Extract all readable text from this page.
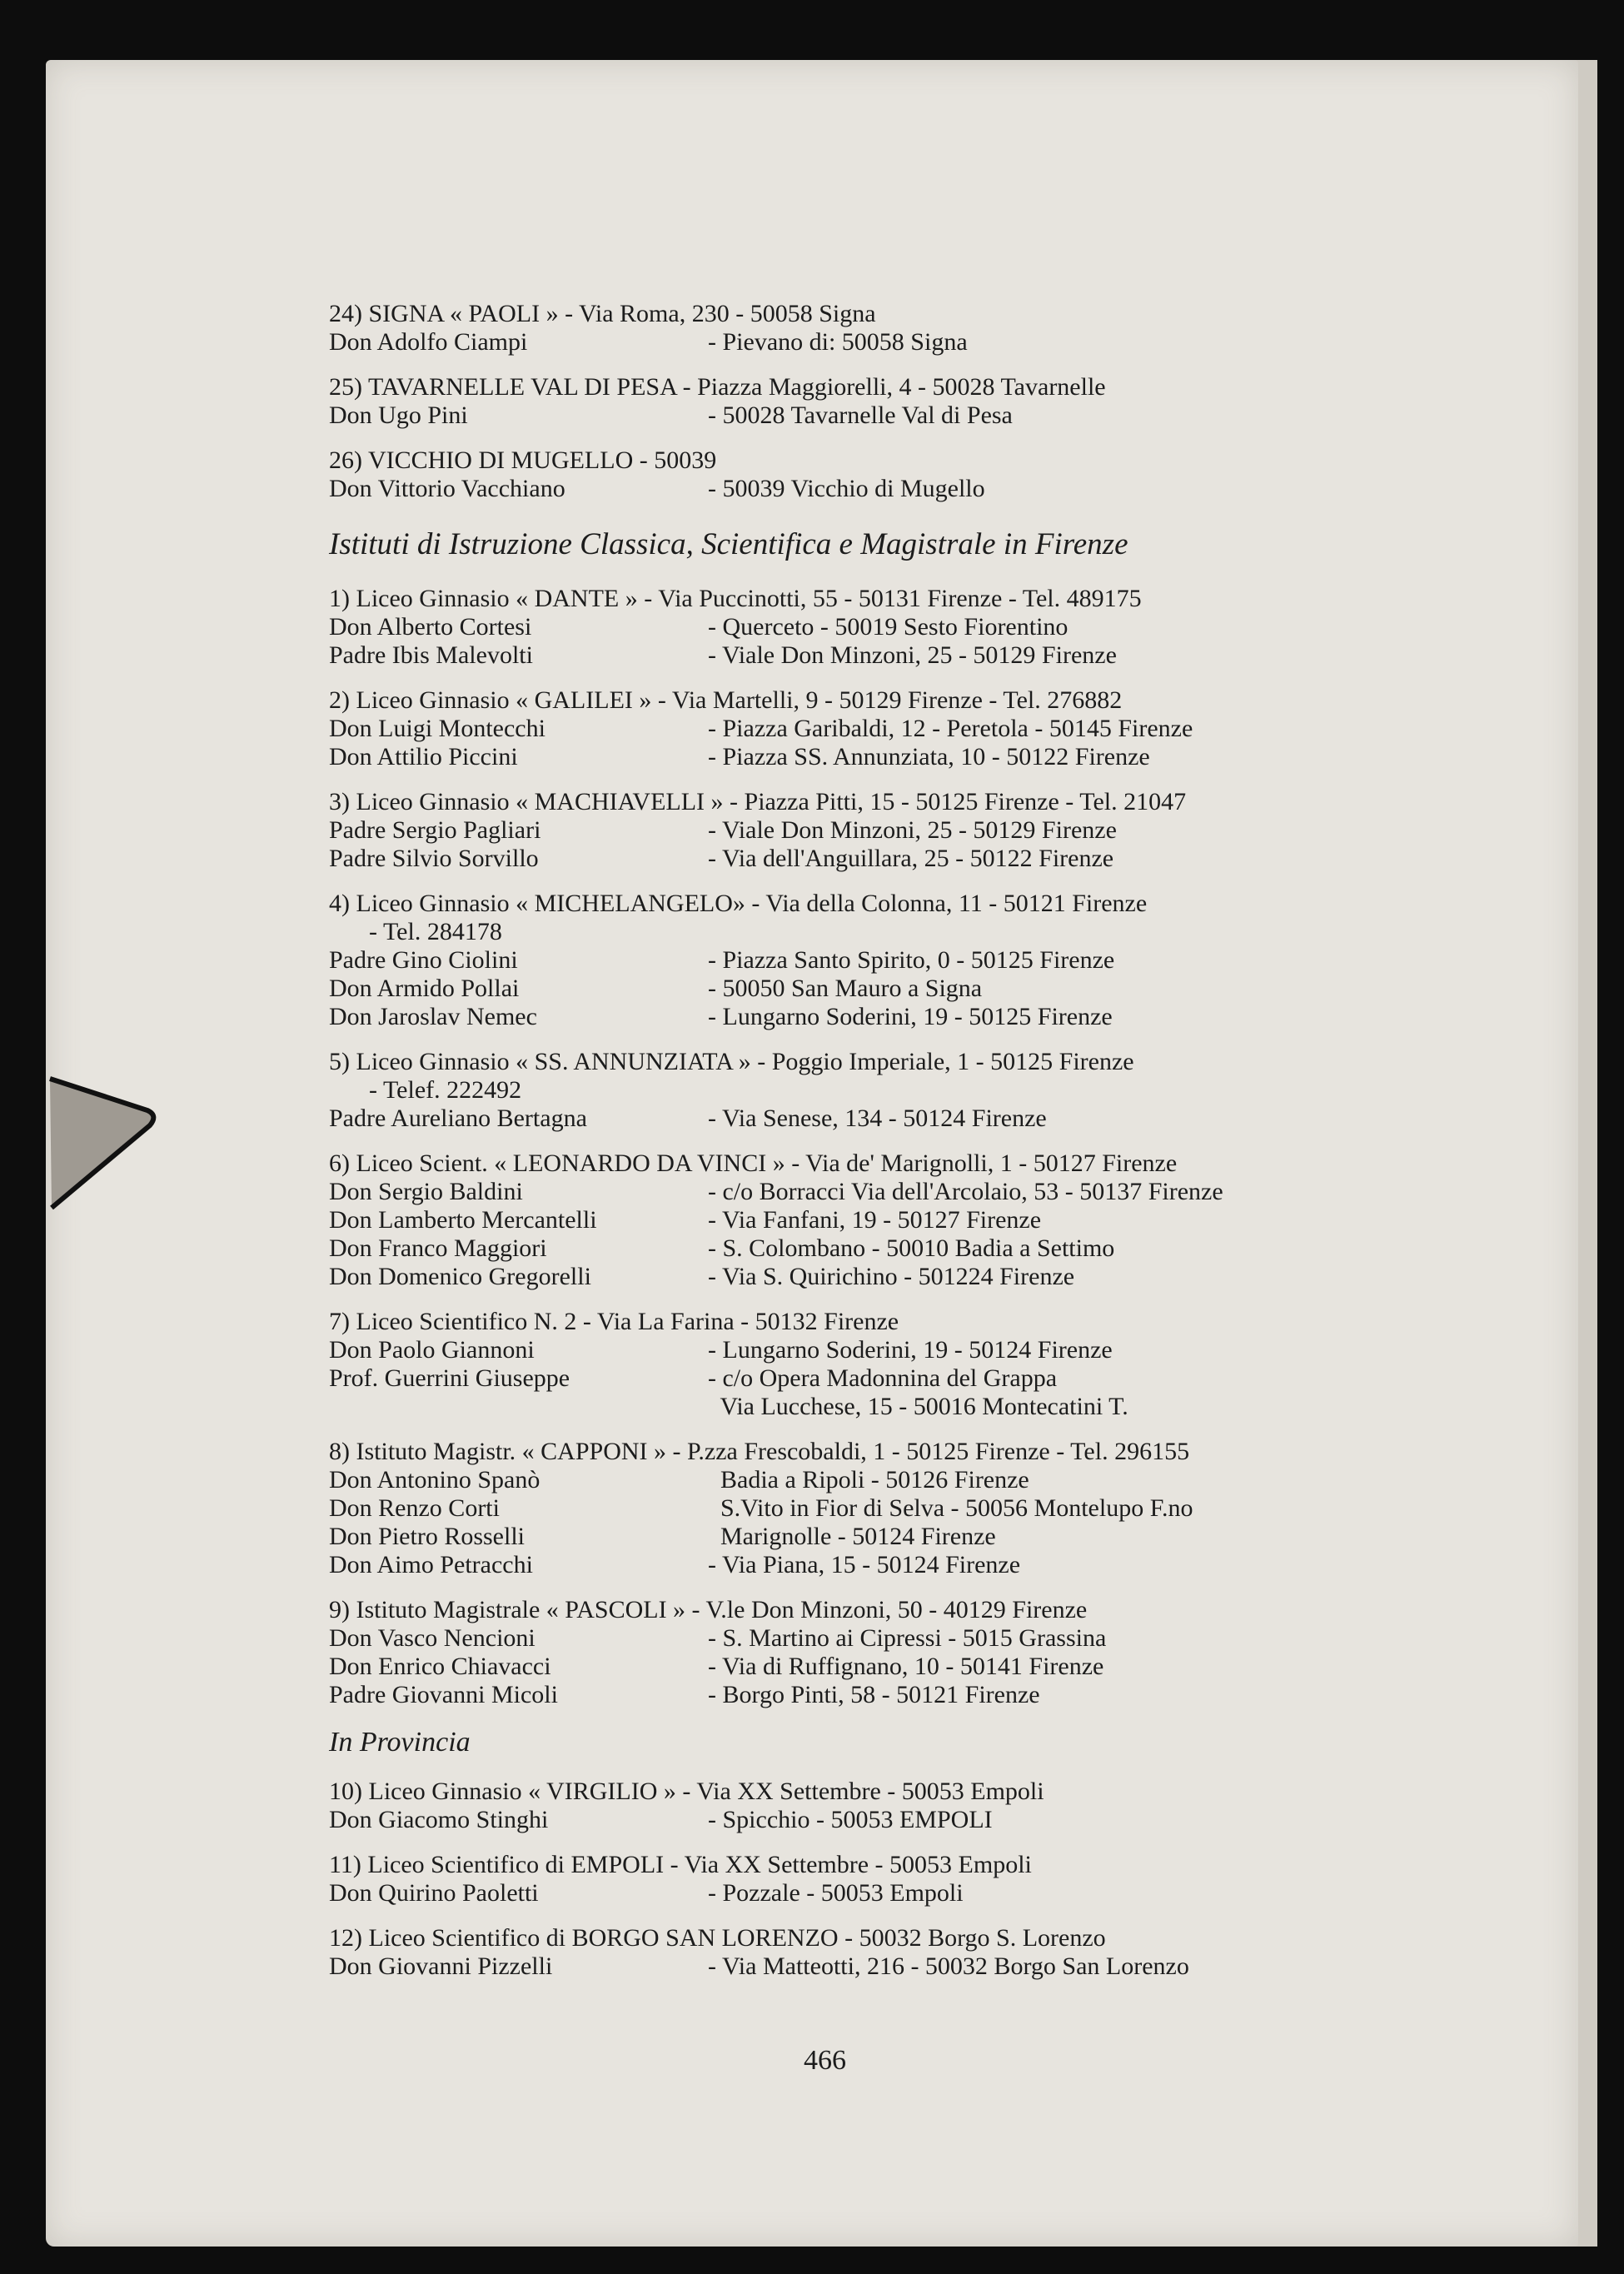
24) SIGNA « PAOLI » - Via Roma, 230 - 50058 Signa
Don Adolfo Ciampi	- Pievano di: 50058 Signa
25) TAVARNELLE VAL DI PESA - Piazza Maggiorelli, 4 - 50028 Tavarnelle
Don Ugo Pini	- 50028 Tavarnelle Val di Pesa
26) VICCHIO DI MUGELLO - 50039
Don Vittorio Vacchiano	- 50039 Vicchio di Mugello
Istituti di Istruzione Classica, Scientifica e Magistrale in Firenze
1) Liceo Ginnasio « DANTE » - Via Puccinotti, 55 - 50131 Firenze - Tel. 489175
Don Alberto Cortesi	- Querceto - 50019 Sesto Fiorentino
Padre Ibis Malevolti	- Viale Don Minzoni, 25 - 50129 Firenze
2) Liceo Ginnasio « GALILEI » - Via Martelli, 9 - 50129 Firenze - Tel. 276882
Don Luigi Montecchi	- Piazza Garibaldi, 12 - Peretola - 50145 Firenze
Don Attilio Piccini	- Piazza SS. Annunziata, 10 - 50122 Firenze
3) Liceo Ginnasio « MACHIAVELLI » - Piazza Pitti, 15 - 50125 Firenze - Tel. 21047
Padre Sergio Pagliari	- Viale Don Minzoni, 25 - 50129 Firenze
Padre Silvio Sorvillo	- Via dell'Anguillara, 25 - 50122 Firenze
4) Liceo Ginnasio « MICHELANGELO» - Via della Colonna, 11 - 50121 Firenze
- Tel. 284178
Padre Gino Ciolini	- Piazza Santo Spirito, 0 - 50125 Firenze
Don Armido Pollai	- 50050 San Mauro a Signa
Don Jaroslav Nemec	- Lungarno Soderini, 19 - 50125 Firenze
5) Liceo Ginnasio « SS. ANNUNZIATA » - Poggio Imperiale, 1 - 50125 Firenze
- Telef. 222492
Padre Aureliano Bertagna	- Via Senese, 134 - 50124 Firenze
6) Liceo Scient. « LEONARDO DA VINCI » - Via de' Marignolli, 1 - 50127 Firenze
Don Sergio Baldini	- c/o Borracci Via dell'Arcolaio, 53 - 50137 Firenze
Don Lamberto Mercantelli	- Via Fanfani, 19 - 50127 Firenze
Don Franco Maggiori	- S. Colombano - 50010 Badia a Settimo
Don Domenico Gregorelli	- Via S. Quirichino - 501224 Firenze
7) Liceo Scientifico N. 2 - Via La Farina - 50132 Firenze
Don Paolo Giannoni	- Lungarno Soderini, 19 - 50124 Firenze
Prof. Guerrini Giuseppe	- c/o Opera Madonnina del Grappa
Via Lucchese, 15 - 50016 Montecatini T.
8) Istituto Magistr. « CAPPONI » - P.zza Frescobaldi, 1 - 50125 Firenze - Tel. 296155
Don Antonino Spanò	Badia a Ripoli - 50126 Firenze
Don Renzo Corti	S.Vito in Fior di Selva - 50056 Montelupo F.no
Don Pietro Rosselli	Marignolle - 50124 Firenze
Don Aimo Petracchi	- Via Piana, 15 - 50124 Firenze
9) Istituto Magistrale « PASCOLI » - V.le Don Minzoni, 50 - 40129 Firenze
Don Vasco Nencioni	- S. Martino ai Cipressi - 5015 Grassina
Don Enrico Chiavacci	- Via di Ruffignano, 10 - 50141 Firenze
Padre Giovanni Micoli	- Borgo Pinti, 58 - 50121 Firenze
In Provincia
10) Liceo Ginnasio « VIRGILIO » - Via XX Settembre - 50053 Empoli
Don Giacomo Stinghi	- Spicchio - 50053 EMPOLI
11) Liceo Scientifico di EMPOLI - Via XX Settembre - 50053 Empoli
Don Quirino Paoletti	- Pozzale - 50053 Empoli
12) Liceo Scientifico di BORGO SAN LORENZO - 50032 Borgo S. Lorenzo
Don Giovanni Pizzelli	- Via Matteotti, 216 - 50032 Borgo San Lorenzo
466
